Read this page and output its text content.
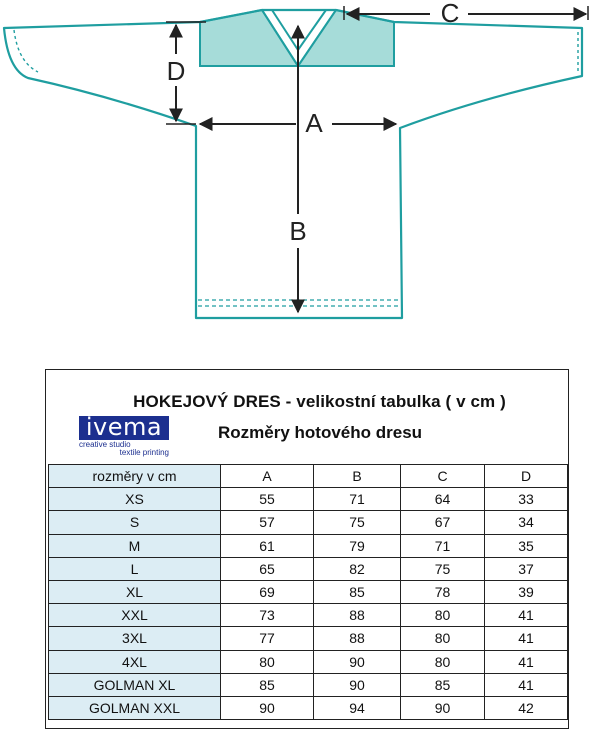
A
B
C
D
HOKEJOVÝ DRES - velikostní tabulka ( v cm )
ivema
creative studio
textile printing
Rozměry hotového dresu
rozměry v cm	A	B	C	D
XS	55	71	64	33
S	57	75	67	34
M	61	79	71	35
L	65	82	75	37
XL	69	85	78	39
XXL	73	88	80	41
3XL	77	88	80	41
4XL	80	90	80	41
GOLMAN XL	85	90	85	41
GOLMAN XXL	90	94	90	42
